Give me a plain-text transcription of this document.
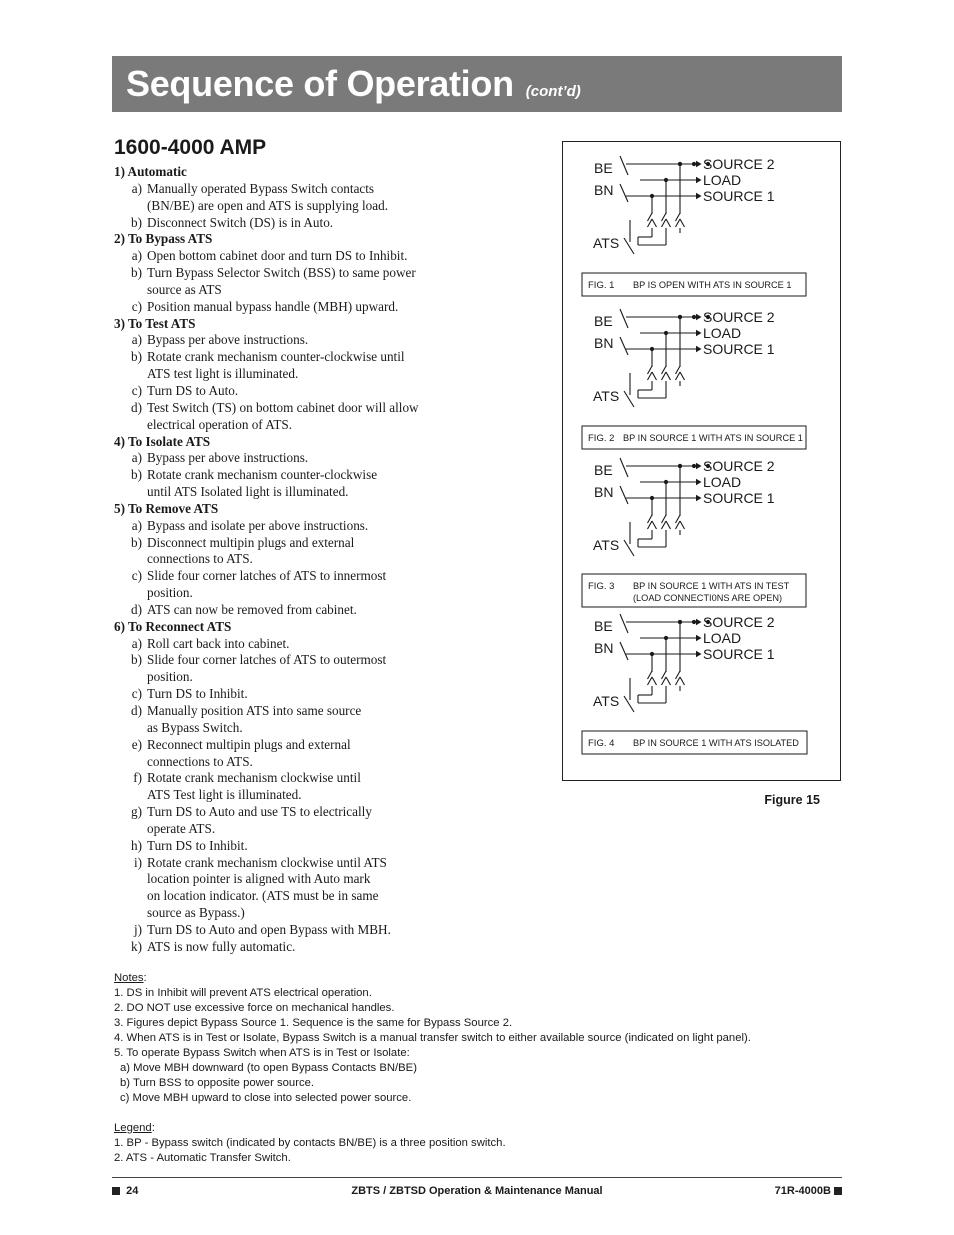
Sequence of Operation (cont’d)
1600-4000 AMP
1) Automatic
a) Manually operated Bypass Switch contacts
(BN/BE) are open and ATS is supplying load.
b) Disconnect Switch (DS) is in Auto.
2) To Bypass ATS
a) Open bottom cabinet door and turn DS to Inhibit.
b) Turn Bypass Selector Switch (BSS) to same power
source as ATS
c) Position manual bypass handle (MBH) upward.
3) To Test ATS
a) Bypass per above instructions.
b) Rotate crank mechanism counter-clockwise until
ATS test light is illuminated.
c) Turn DS to Auto.
d) Test Switch (TS) on bottom cabinet door will allow
electrical operation of ATS.
4) To Isolate ATS
a) Bypass per above instructions.
b) Rotate crank mechanism counter-clockwise
until ATS Isolated light is illuminated.
5) To Remove ATS
a) Bypass and isolate per above instructions.
b) Disconnect multipin plugs and external
connections to ATS.
c) Slide four corner latches of ATS to innermost
position.
d) ATS can now be removed from cabinet.
6) To Reconnect ATS
a) Roll cart back into cabinet.
b) Slide four corner latches of ATS to outermost
position.
c) Turn DS to Inhibit.
d) Manually position ATS into same source
as Bypass Switch.
e) Reconnect multipin plugs and external
connections to ATS.
f) Rotate crank mechanism clockwise until
ATS Test light is illuminated.
g) Turn DS to Auto and use TS to electrically
operate ATS.
h) Turn DS to Inhibit.
i) Rotate crank mechanism clockwise until ATS
location pointer is aligned with Auto mark
on location indicator. (ATS must be in same
source as Bypass.)
j) Turn DS to Auto and open Bypass with MBH.
k) ATS is now fully automatic.
BE
BN
ATS
SOURCE 2
LOAD
SOURCE 1
FIG. 1 BP IS OPEN WITH ATS IN SOURCE 1
BE
BN
ATS
SOURCE 2
LOAD
SOURCE 1
FIG. 2 BP IN SOURCE 1 WITH ATS IN SOURCE 1
BE
BN
ATS
SOURCE 2
LOAD
SOURCE 1
FIG. 3 BP IN SOURCE 1 WITH ATS IN TEST
(LOAD CONNECTI0NS ARE OPEN)
BE
BN
ATS
SOURCE 2
LOAD
SOURCE 1
FIG. 4 BP IN SOURCE 1 WITH ATS ISOLATED
Figure 15
Notes:
1. DS in Inhibit will prevent ATS electrical operation.
2. DO NOT use excessive force on mechanical handles.
3. Figures depict Bypass Source 1. Sequence is the same for Bypass Source 2.
4. When ATS is in Test or Isolate, Bypass Switch is a manual transfer switch to either available source (indicated on light panel).
5. To operate Bypass Switch when ATS is in Test or Isolate:
a) Move MBH downward (to open Bypass Contacts BN/BE)
b) Turn BSS to opposite power source.
c) Move MBH upward to close into selected power source.
Legend:
1. BP - Bypass switch (indicated by contacts BN/BE) is a three position switch.
2. ATS - Automatic Transfer Switch.
24	ZBTS / ZBTSD Operation & Maintenance Manual	71R-4000B
